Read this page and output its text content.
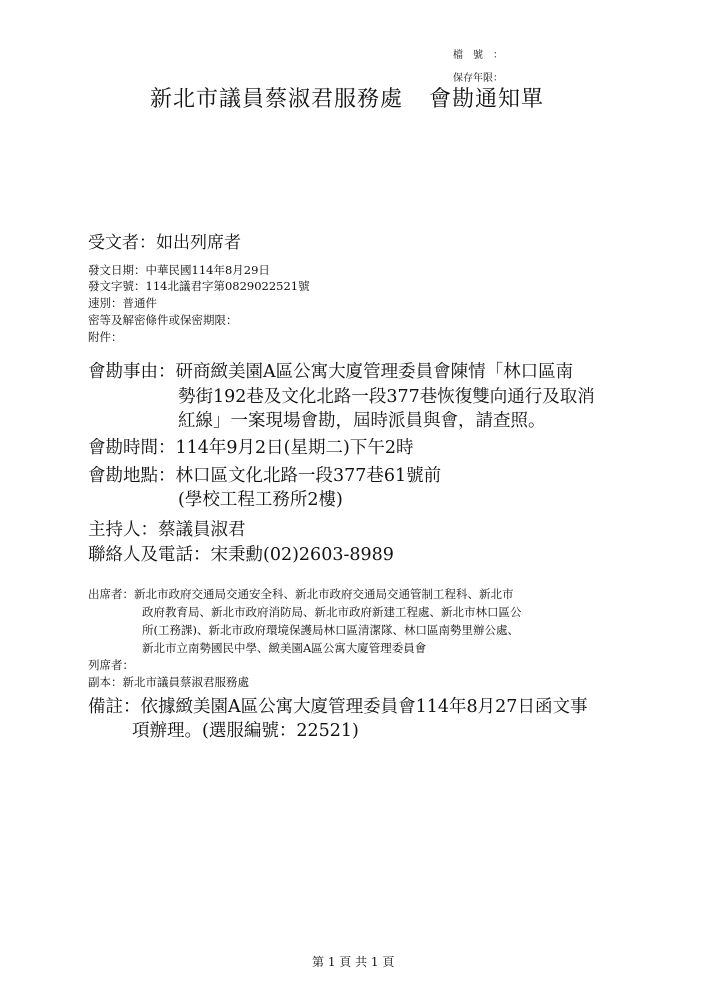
檔號：
保存年限：
新北市議員蔡淑君服務處 會勘通知單
受文者：如出列席者
發文日期：中華民國114年8月29日
發文字號：114北議君字第0829022521號
速別：普通件
密等及解密條件或保密期限：
附件：
會勘事由：研商緻美園A區公寓大廈管理委員會陳情「林口區南
勢街192巷及文化北路一段377巷恢復雙向通行及取消
紅線」一案現場會勘，屆時派員與會，請查照。
會勘時間：114年9月2日(星期二)下午2時
會勘地點：林口區文化北路一段377巷61號前
(學校工程工務所2樓)
主持人：蔡議員淑君
聯絡人及電話：宋秉勳(02)2603-8989
出席者：新北市政府交通局交通安全科、新北市政府交通局交通管制工程科、新北市
政府教育局、新北市政府消防局、新北市政府新建工程處、新北市林口區公
所(工務課)、新北市政府環境保護局林口區清潔隊、林口區南勢里辦公處、
新北市立南勢國民中學、緻美園A區公寓大廈管理委員會
列席者：
副本：新北市議員蔡淑君服務處
備註：依據緻美園A區公寓大廈管理委員會114年8月27日函文事
項辦理。(選服編號：22521)
第 1 頁 共 1 頁
